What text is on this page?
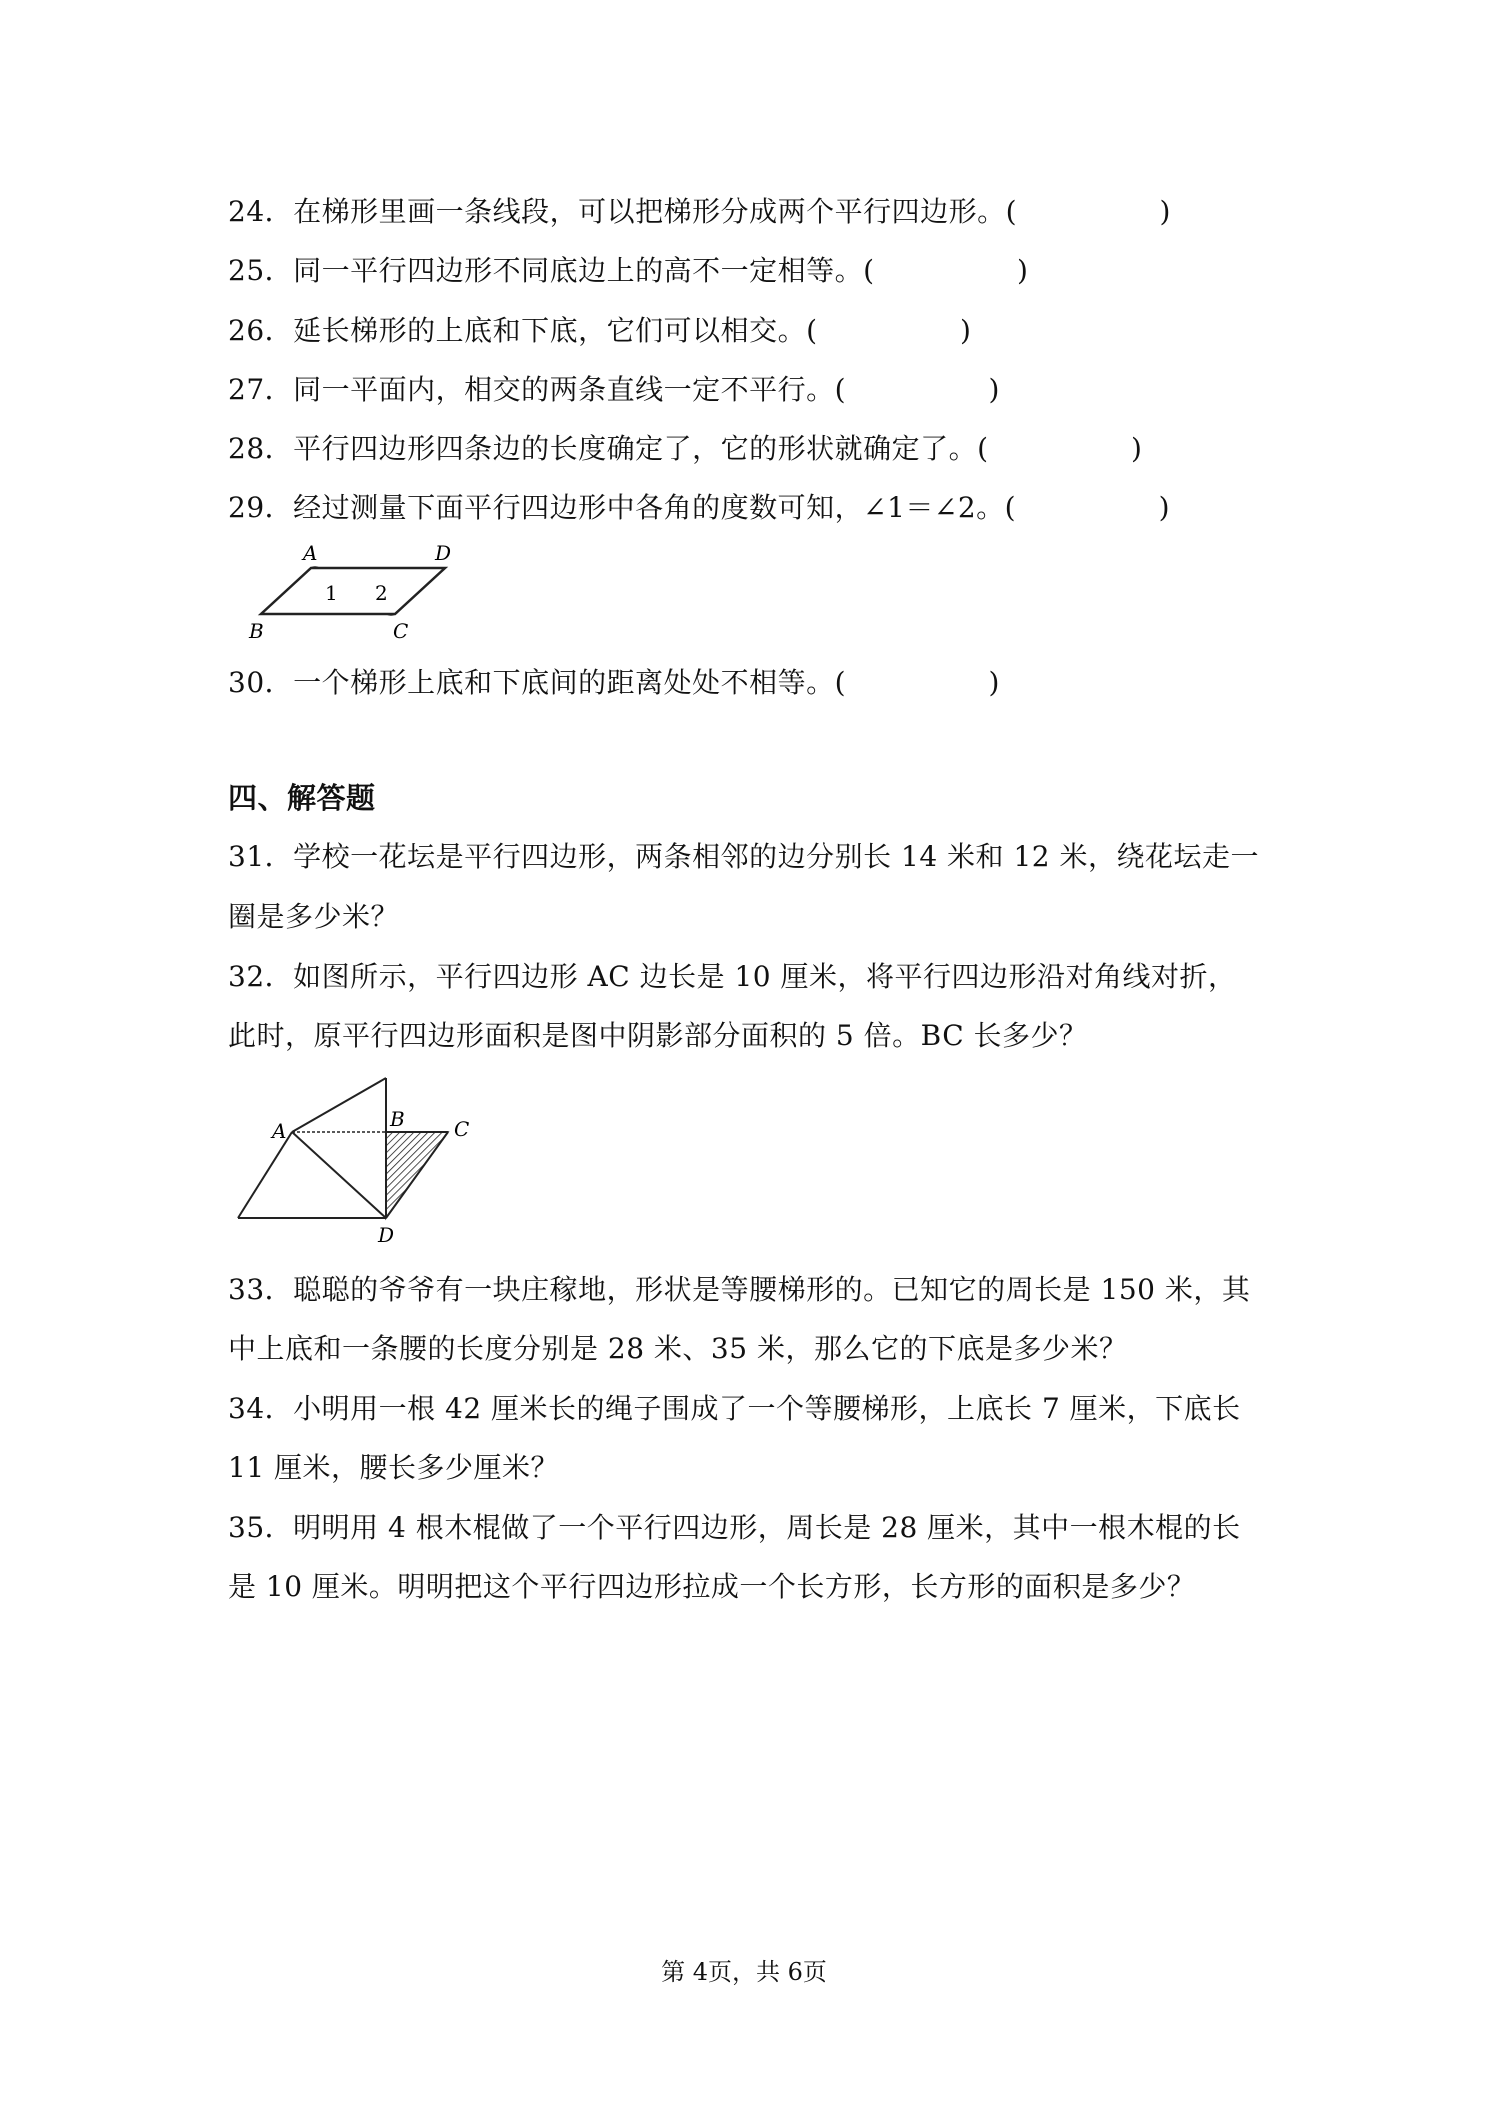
24．在梯形里画一条线段，可以把梯形分成两个平行四边形。(　　　　　)
25．同一平行四边形不同底边上的高不一定相等。(　　　　　)
26．延长梯形的上底和下底，它们可以相交。(　　　　　)
27．同一平面内，相交的两条直线一定不平行。(　　　　　)
28．平行四边形四条边的长度确定了，它的形状就确定了。(　　　　　)
29．经过测量下面平行四边形中各角的度数可知，∠1＝∠2。(　　　　　)
A	D
B	C
1 2
30．一个梯形上底和下底间的距离处处不相等。(　　　　　)
四、解答题
31．学校一花坛是平行四边形，两条相邻的边分别长 14 米和 12 米，绕花坛走一
圈是多少米？
32．如图所示，平行四边形 AC 边长是 10 厘米，将平行四边形沿对角线对折，
此时，原平行四边形面积是图中阴影部分面积的 5 倍。BC 长多少？
A	B C
D
33．聪聪的爷爷有一块庄稼地，形状是等腰梯形的。已知它的周长是 150 米，其
中上底和一条腰的长度分别是 28 米、35 米，那么它的下底是多少米？
34．小明用一根 42 厘米长的绳子围成了一个等腰梯形，上底长 7 厘米，下底长
11 厘米，腰长多少厘米？
35．明明用 4 根木棍做了一个平行四边形，周长是 28 厘米，其中一根木棍的长
是 10 厘米。明明把这个平行四边形拉成一个长方形，长方形的面积是多少？
第 4页，共 6页
